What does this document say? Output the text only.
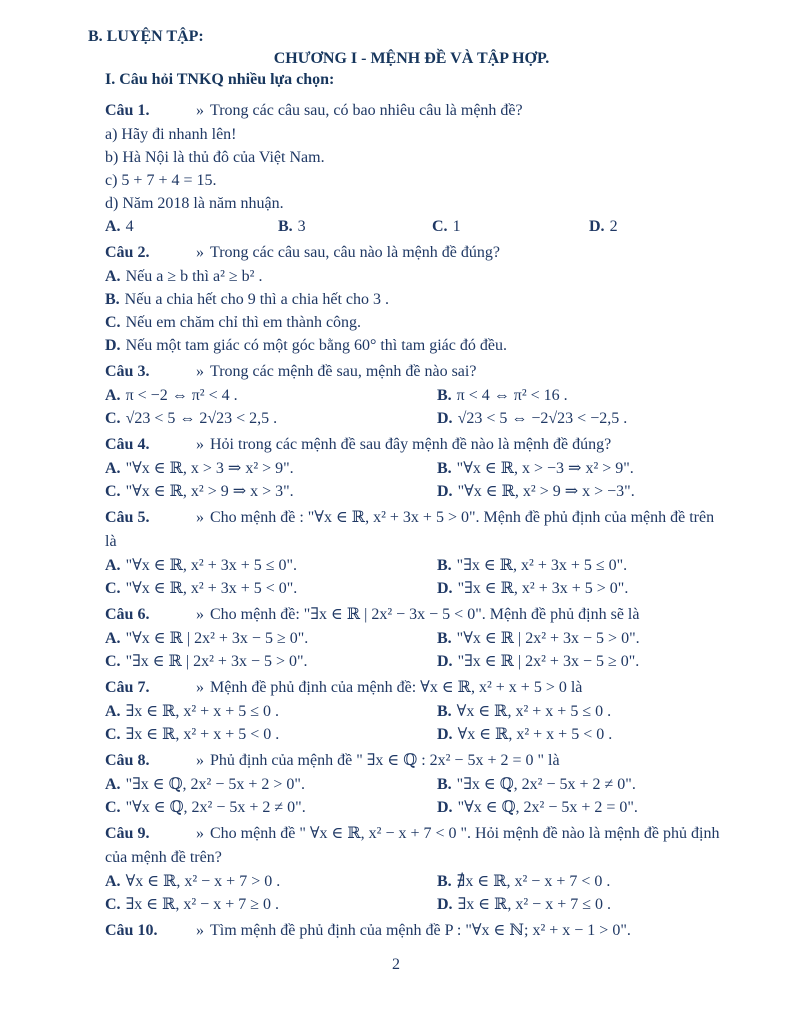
B. LUYỆN TẬP:
CHƯƠNG I - MỆNH ĐỀ VÀ TẬP HỢP.
I. Câu hỏi TNKQ nhiều lựa chọn:
Câu 1.	» Trong các câu sau, có bao nhiêu câu là mệnh đề?
a) Hãy đi nhanh lên!
b) Hà Nội là thủ đô của Việt Nam.
c) 5 + 7 + 4 = 15.
d) Năm 2018 là năm nhuận.
A. 4	B. 3	C. 1	D. 2
Câu 2.	» Trong các câu sau, câu nào là mệnh đề đúng?
A. Nếu a ≥ b thì a² ≥ b² .
B. Nếu a chia hết cho 9 thì a chia hết cho 3 .
C. Nếu em chăm chỉ thì em thành công.
D. Nếu một tam giác có một góc bằng 60° thì tam giác đó đều.
Câu 3.	» Trong các mệnh đề sau, mệnh đề nào sai?
A. π < −2 ⇔ π² < 4 .	B. π < 4 ⇔ π² < 16 .
C. √23 < 5 ⇔ 2√23 < 2,5 .	D. √23 < 5 ⇔ −2√23 < −2,5 .
Câu 4.	» Hỏi trong các mệnh đề sau đây mệnh đề nào là mệnh đề đúng?
A. "∀x ∈ ℝ, x > 3 ⇒ x² > 9".	B. "∀x ∈ ℝ, x > −3 ⇒ x² > 9".
C. "∀x ∈ ℝ, x² > 9 ⇒ x > 3".	D. "∀x ∈ ℝ, x² > 9 ⇒ x > −3".
Câu 5.	» Cho mệnh đề : "∀x ∈ ℝ, x² + 3x + 5 > 0". Mệnh đề phủ định của mệnh đề trên
là
A. "∀x ∈ ℝ, x² + 3x + 5 ≤ 0".	B. "∃x ∈ ℝ, x² + 3x + 5 ≤ 0".
C. "∀x ∈ ℝ, x² + 3x + 5 < 0".	D. "∃x ∈ ℝ, x² + 3x + 5 > 0".
Câu 6.	» Cho mệnh đề: "∃x ∈ ℝ | 2x² − 3x − 5 < 0". Mệnh đề phủ định sẽ là
A. "∀x ∈ ℝ | 2x² + 3x − 5 ≥ 0".	B. "∀x ∈ ℝ | 2x² + 3x − 5 > 0".
C. "∃x ∈ ℝ | 2x² + 3x − 5 > 0".	D. "∃x ∈ ℝ | 2x² + 3x − 5 ≥ 0".
Câu 7.	» Mệnh đề phủ định của mệnh đề: ∀x ∈ ℝ, x² + x + 5 > 0 là
A. ∃x ∈ ℝ, x² + x + 5 ≤ 0 .	B. ∀x ∈ ℝ, x² + x + 5 ≤ 0 .
C. ∃x ∈ ℝ, x² + x + 5 < 0 .	D. ∀x ∈ ℝ, x² + x + 5 < 0 .
Câu 8.	» Phủ định của mệnh đề " ∃x ∈ ℚ : 2x² − 5x + 2 = 0 " là
A. "∃x ∈ ℚ, 2x² − 5x + 2 > 0".	B. "∃x ∈ ℚ, 2x² − 5x + 2 ≠ 0".
C. "∀x ∈ ℚ, 2x² − 5x + 2 ≠ 0".	D. "∀x ∈ ℚ, 2x² − 5x + 2 = 0".
Câu 9.	» Cho mệnh đề " ∀x ∈ ℝ, x² − x + 7 < 0 ". Hỏi mệnh đề nào là mệnh đề phủ định
của mệnh đề trên?
A. ∀x ∈ ℝ, x² − x + 7 > 0 .	B. ∄x ∈ ℝ, x² − x + 7 < 0 .
C. ∃x ∈ ℝ, x² − x + 7 ≥ 0 .	D. ∃x ∈ ℝ, x² − x + 7 ≤ 0 .
Câu 10.	» Tìm mệnh đề phủ định của mệnh đề P : "∀x ∈ ℕ; x² + x − 1 > 0".
2
